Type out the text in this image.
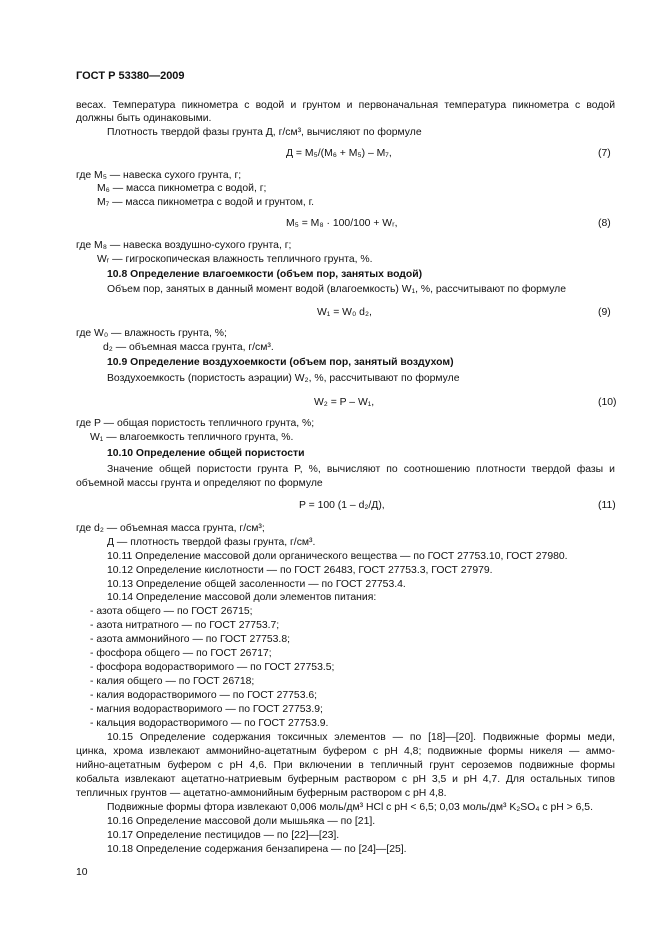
ГОСТ Р 53380—2009
весах. Температура пикнометра с водой и грунтом и первоначальная температура пикнометра с водой
должны быть одинаковыми.
Плотность твердой фазы грунта Д, г/см³, вычисляют по формуле
Д = M₅/(M₆ + M₅) – M₇,	(7)
где M₅ — навеска сухого грунта, г;
M₆ — масса пикнометра с водой, г;
M₇ — масса пикнометра с водой и грунтом, г.
M₅ = M₈ · 100/100 + Wᵣ,	(8)
где M₈ — навеска воздушно-сухого грунта, г;
Wᵣ — гигроскопическая влажность тепличного грунта, %.
10.8 Определение влагоемкости (объем пор, занятых водой)
Объем пор, занятых в данный момент водой (влагоемкость) W₁, %, рассчитывают по формуле
W₁ = W₀ d₂,	(9)
где W₀ — влажность грунта, %;
d₂ — объемная масса грунта, г/см³.
10.9 Определение воздухоемкости (объем пор, занятый воздухом)
Воздухоемкость (пористость аэрации) W₂, %, рассчитывают по формуле
W₂ = P – W₁,	(10)
где P — общая пористость тепличного грунта, %;
W₁ — влагоемкость тепличного грунта, %.
10.10 Определение общей пористости
Значение общей пористости грунта P, %, вычисляют по соотношению плотности твердой фазы и
объемной массы грунта и определяют по формуле
P = 100 (1 – d₂/Д),	(11)
где d₂ — объемная масса грунта, г/см³;
Д — плотность твердой фазы грунта, г/см³.
10.11 Определение массовой доли органического вещества — по ГОСТ 27753.10, ГОСТ 27980.
10.12 Определение кислотности — по ГОСТ 26483, ГОСТ 27753.3, ГОСТ 27979.
10.13 Определение общей засоленности — по ГОСТ 27753.4.
10.14 Определение массовой доли элементов питания:
- азота общего — по ГОСТ 26715;
- азота нитратного — по ГОСТ 27753.7;
- азота аммонийного — по ГОСТ 27753.8;
- фосфора общего — по ГОСТ 26717;
- фосфора водорастворимого — по ГОСТ 27753.5;
- калия общего — по ГОСТ 26718;
- калия водорастворимого — по ГОСТ 27753.6;
- магния водорастворимого — по ГОСТ 27753.9;
- кальция водорастворимого — по ГОСТ 27753.9.
10.15 Определение содержания токсичных элементов — по [18]—[20]. Подвижные формы меди,
цинка, хрома извлекают аммонийно-ацетатным буфером с pH 4,8; подвижные формы никеля — аммо-
нийно-ацетатным буфером с pH 4,6. При включении в тепличный грунт сероземов подвижные формы
кобальта извлекают ацетатно-натриевым буферным раствором с pH 3,5 и pH 4,7. Для остальных типов
тепличных грунтов — ацетатно-аммонийным буферным раствором с pH 4,8.
Подвижные формы фтора извлекают 0,006 моль/дм³ HCl с pH < 6,5; 0,03 моль/дм³ K₂SO₄ с pH > 6,5.
10.16 Определение массовой доли мышьяка — по [21].
10.17 Определение пестицидов — по [22]—[23].
10.18 Определение содержания бензапирена — по [24]—[25].
10
